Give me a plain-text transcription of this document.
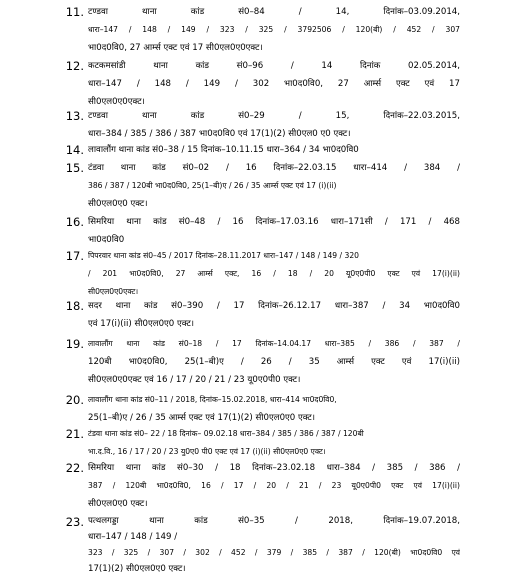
11. टण्डवा थाना कांड सं0–84 / 14, दिनांक–03.09.2014,
धारा–147 / 148 / 149 / 323 / 325 / 3792506 / 120(बी) / 452 / 307
भा0द0वि0, 27 आर्म्स एक्ट एवं 17 सी0एल0ए0एक्ट।
12. कटकमसांडी थाना कांड सं0–96 / 14 दिनांक 02.05.2014,
धारा–147 / 148 / 149 / 302 भा0द0वि0, 27 आर्म्स एक्ट एवं 17
सी0एल0ए0एक्ट।
13. टण्डवा थाना कांड सं0–29 / 15, दिनांक–22.03.2015,
धारा–384 / 385 / 386 / 387 भा0द0वि0 एवं 17(1)(2) सी0एल0 ए0 एक्ट।
14. लावालौंग थाना कांड सं0–38 / 15 दिनांक–10.11.15 धारा–364 / 34 भा0द0वि0
15. टंडवा थाना कांड सं0–02 / 16 दिनांक–22.03.15 धारा–414 / 384 /
386 / 387 / 120बी भा0द0वि0, 25(1–बी)ए / 26 / 35 आर्म्स एक्ट एवं 17 (i)(ii)
सी0एल0ए0 एक्ट।
16. सिमरिया थाना कांड सं0–48 / 16 दिनांक–17.03.16 धारा–171सी / 171 / 468
भा0द0वि0
17. पिपरवार थाना कांड सं0–45 / 2017 दिनांक–28.11.2017 धारा–147 / 148 / 149 / 320
/ 201 भा0द0वि0, 27 आर्म्स एक्ट, 16 / 18 / 20 यू0ए0पी0 एक्ट एवं 17(i)(ii)
सी0एल0ए0एक्ट।
18. सदर थाना कांड सं0–390 / 17 दिनांक–26.12.17 धारा–387 / 34 भा0द0वि0
एवं 17(i)(ii) सी0एल0ए0 एक्ट।
19. लावालौंग थाना कांड सं0–18 / 17 दिनांक–14.04.17 धारा–385 / 386 / 387 /
120बी भा0द0वि0, 25(1–बी)ए / 26 / 35 आर्म्स एक्ट एवं 17(i)(ii)
सी0एल0ए0एक्ट एवं 16 / 17 / 20 / 21 / 23 यू0ए0पी0 एक्ट।
20. लावालौंग थाना कांड सं0–11 / 2018, दिनांक–15.02.2018, धारा–414 भा0द0वि0,
25(1–बी)ए / 26 / 35 आर्म्स एक्ट एवं 17(1)(2) सी0एल0ए0 एक्ट।
21. टंडवा थाना कांड सं0– 22 / 18 दिनांक– 09.02.18 धारा–384 / 385 / 386 / 387 / 120बी
भा.द.वि., 16 / 17 / 20 / 23 यु0ए0 पी0 एक्ट एवं 17 (i)(ii) सी0एल0ए0 एक्ट।
22. सिमरिया थाना कांड सं0–30 / 18 दिनांक–23.02.18 धारा–384 / 385 / 386 /
387 / 120बी भा0द0वि0, 16 / 17 / 20 / 21 / 23 यू0ए0पी0 एक्ट एवं 17(i)(ii)
सी0एल0ए0 एक्ट।
23. पत्थलगड्डा थाना कांड सं0–35 / 2018, दिनांक–19.07.2018,
धारा–147 / 148 / 149 /
323 / 325 / 307 / 302 / 452 / 379 / 385 / 387 / 120(बी) भा0द0वि0 एवं
17(1)(2) सी0एल0ए0 एक्ट।
